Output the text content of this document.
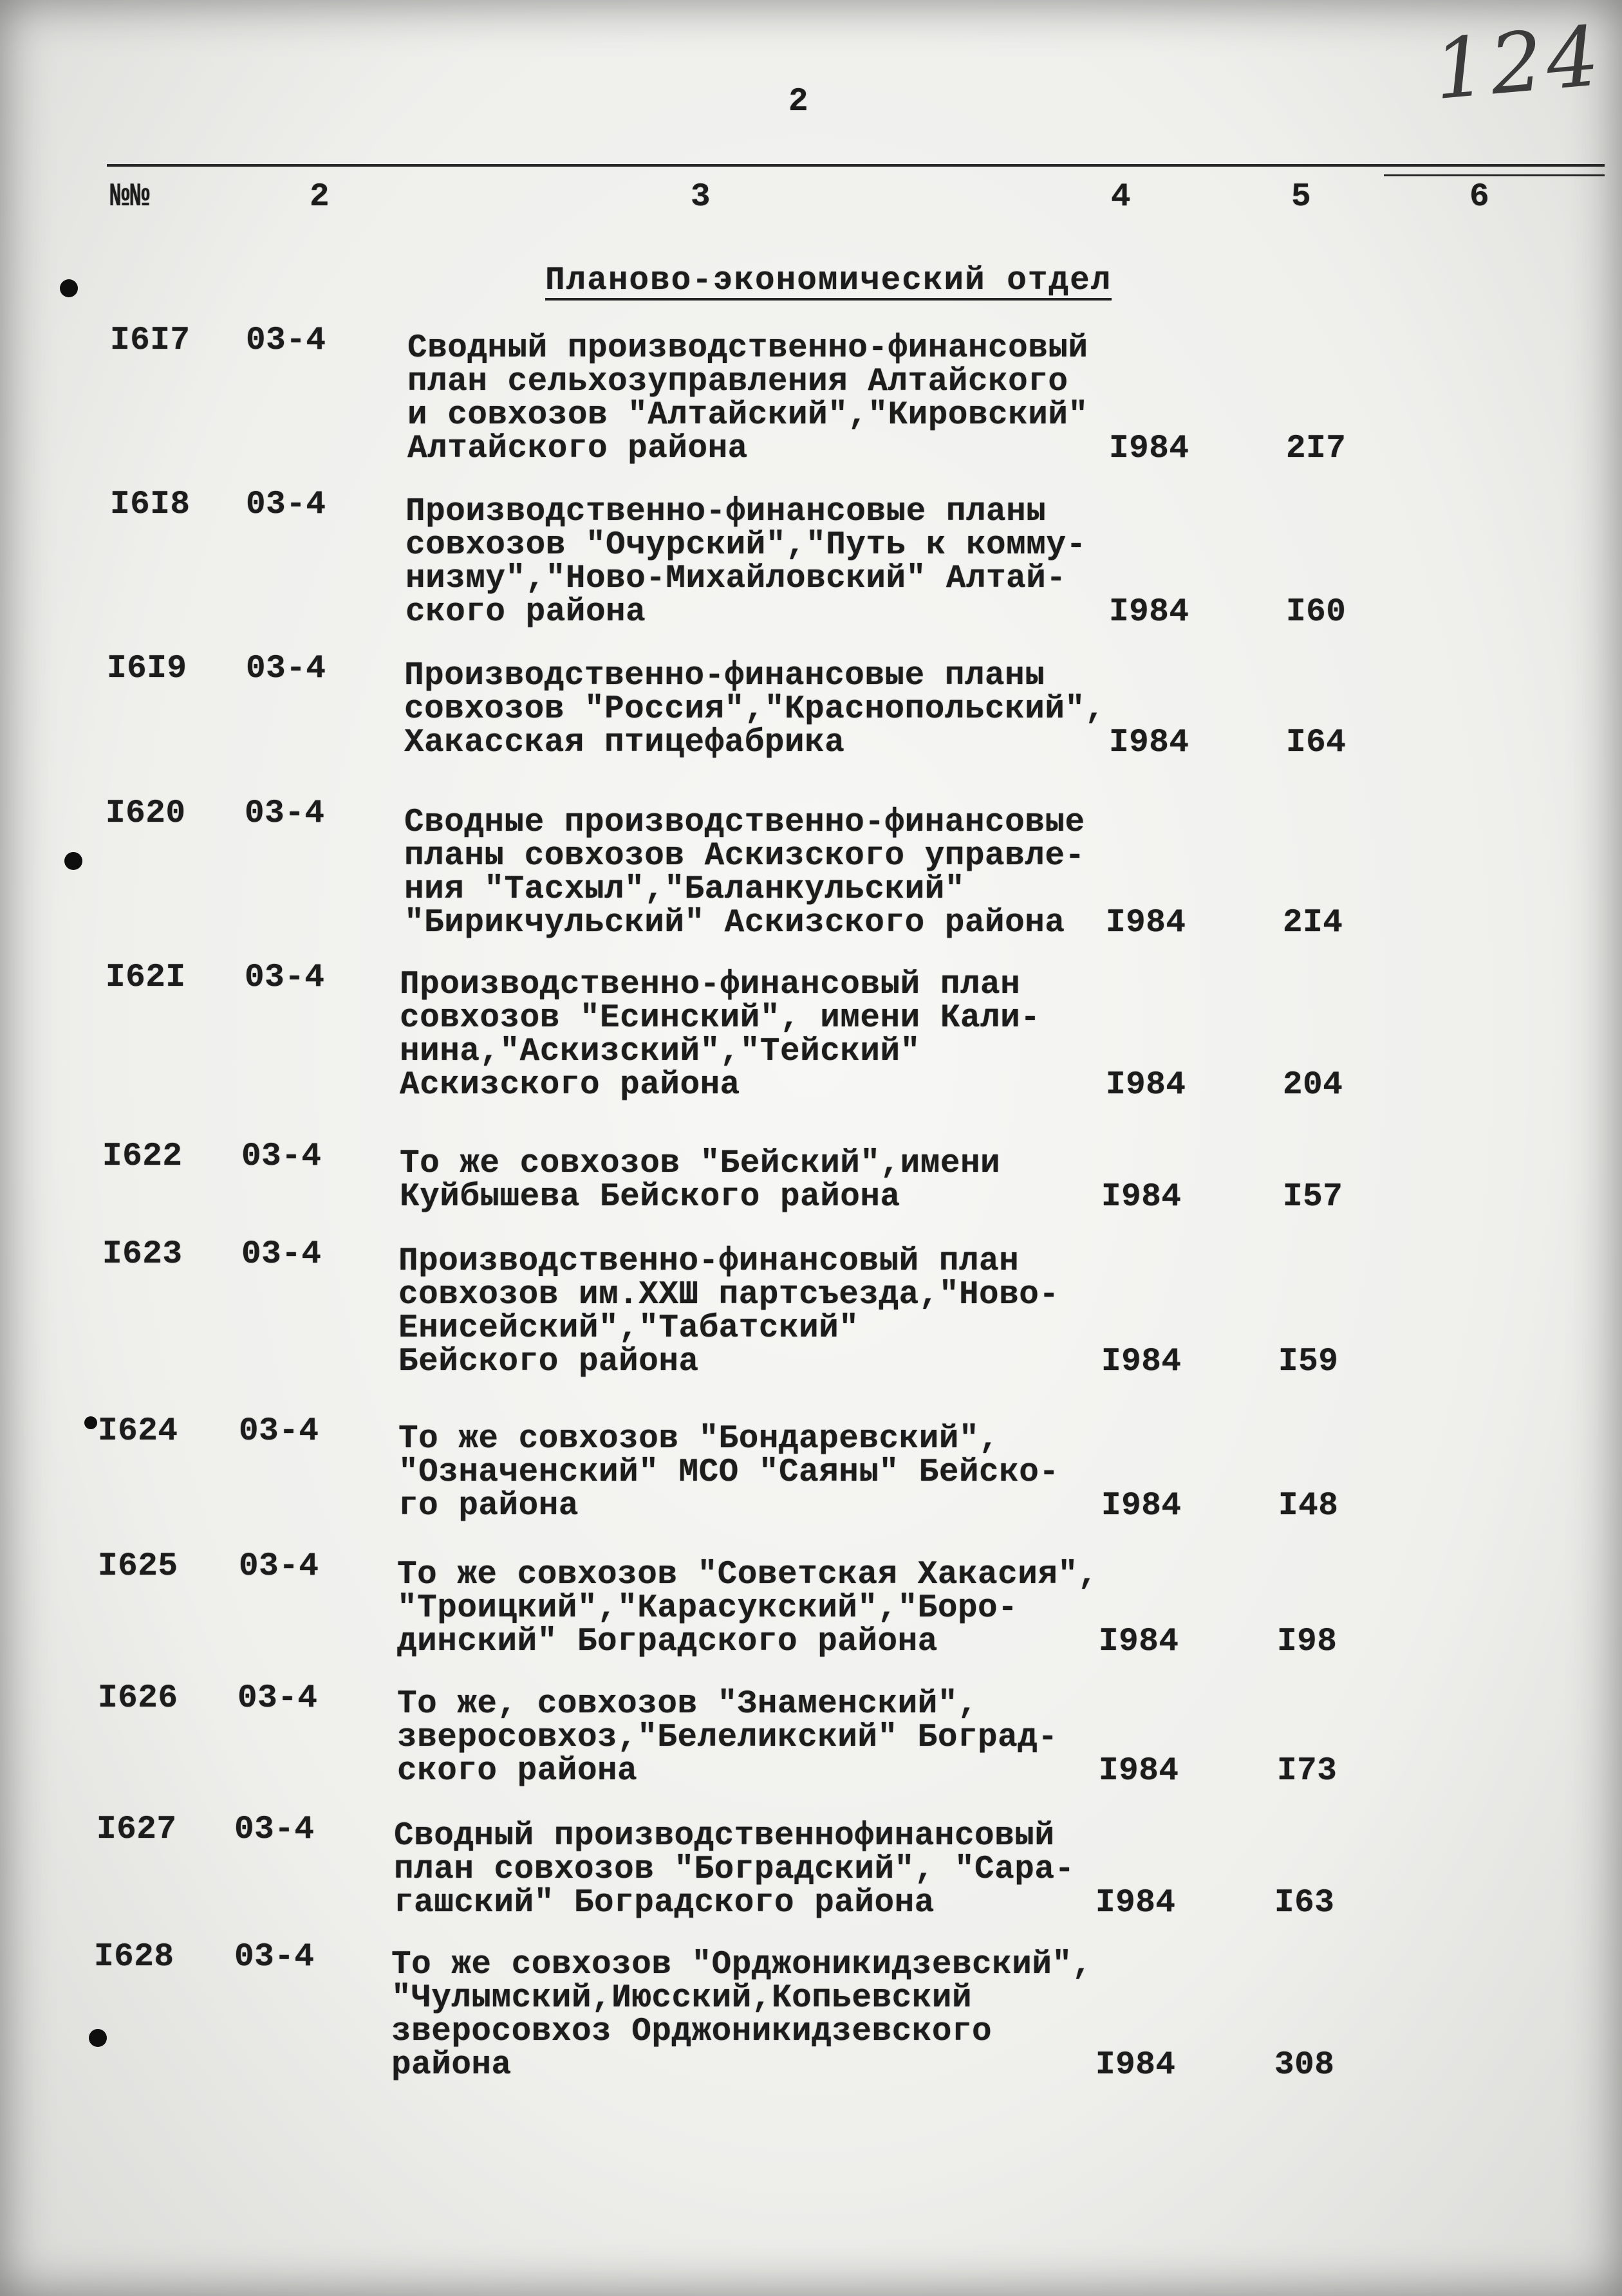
124
2
№№	2	3	4	5	6
Планово-экономический отдел
I6I7 03-4 Сводный производственно-финансовый
план сельхозуправления Алтайского
и совхозов "Алтайский","Кировский"
Алтайского района	I984	2I7
I6I8 03-4 Производственно-финансовые планы
совхозов "Очурский","Путь к комму-
низму","Ново-Михайловский" Алтай-
ского района	I984	I60
I6I9 03-4 Производственно-финансовые планы
совхозов "Россия","Краснопольский",
Хакасская птицефабрика	I984	I64
I620 03-4 Сводные производственно-финансовые
планы совхозов Аскизского управле-
ния "Тасхыл","Баланкульский"
"Бирикчульский" Аскизского района	I984	2I4
I62I 03-4 Производственно-финансовый план
совхозов "Есинский", имени Кали-
нина,"Аскизский","Тейский"
Аскизского района	I984	204
I622 03-4 То же совхозов "Бейский",имени
Куйбышева Бейского района	I984	I57
I623 03-4 Производственно-финансовый план
совхозов им.ХХШ партсъезда,"Ново-
Енисейский","Табатский"
Бейского района	I984	I59
I624 03-4 То же совхозов "Бондаревский",
"Означенский" МСО "Саяны" Бейско-
го района	I984	I48
I625 03-4 То же совхозов "Советская Хакасия",
"Троицкий","Карасукский","Боро-
динский" Боградского района	I984	I98
I626 03-4 То же, совхозов "Знаменский",
зверосовхоз,"Белеликский" Боград-
ского района	I984	I73
I627 03-4 Сводный производственнофинансовый
план совхозов "Боградский", "Сара-
гашский" Боградского района	I984	I63
I628 03-4 То же совхозов "Орджоникидзевский",
"Чулымский,Июсский,Копьевский
зверосовхоз Орджоникидзевского
района	I984	308
